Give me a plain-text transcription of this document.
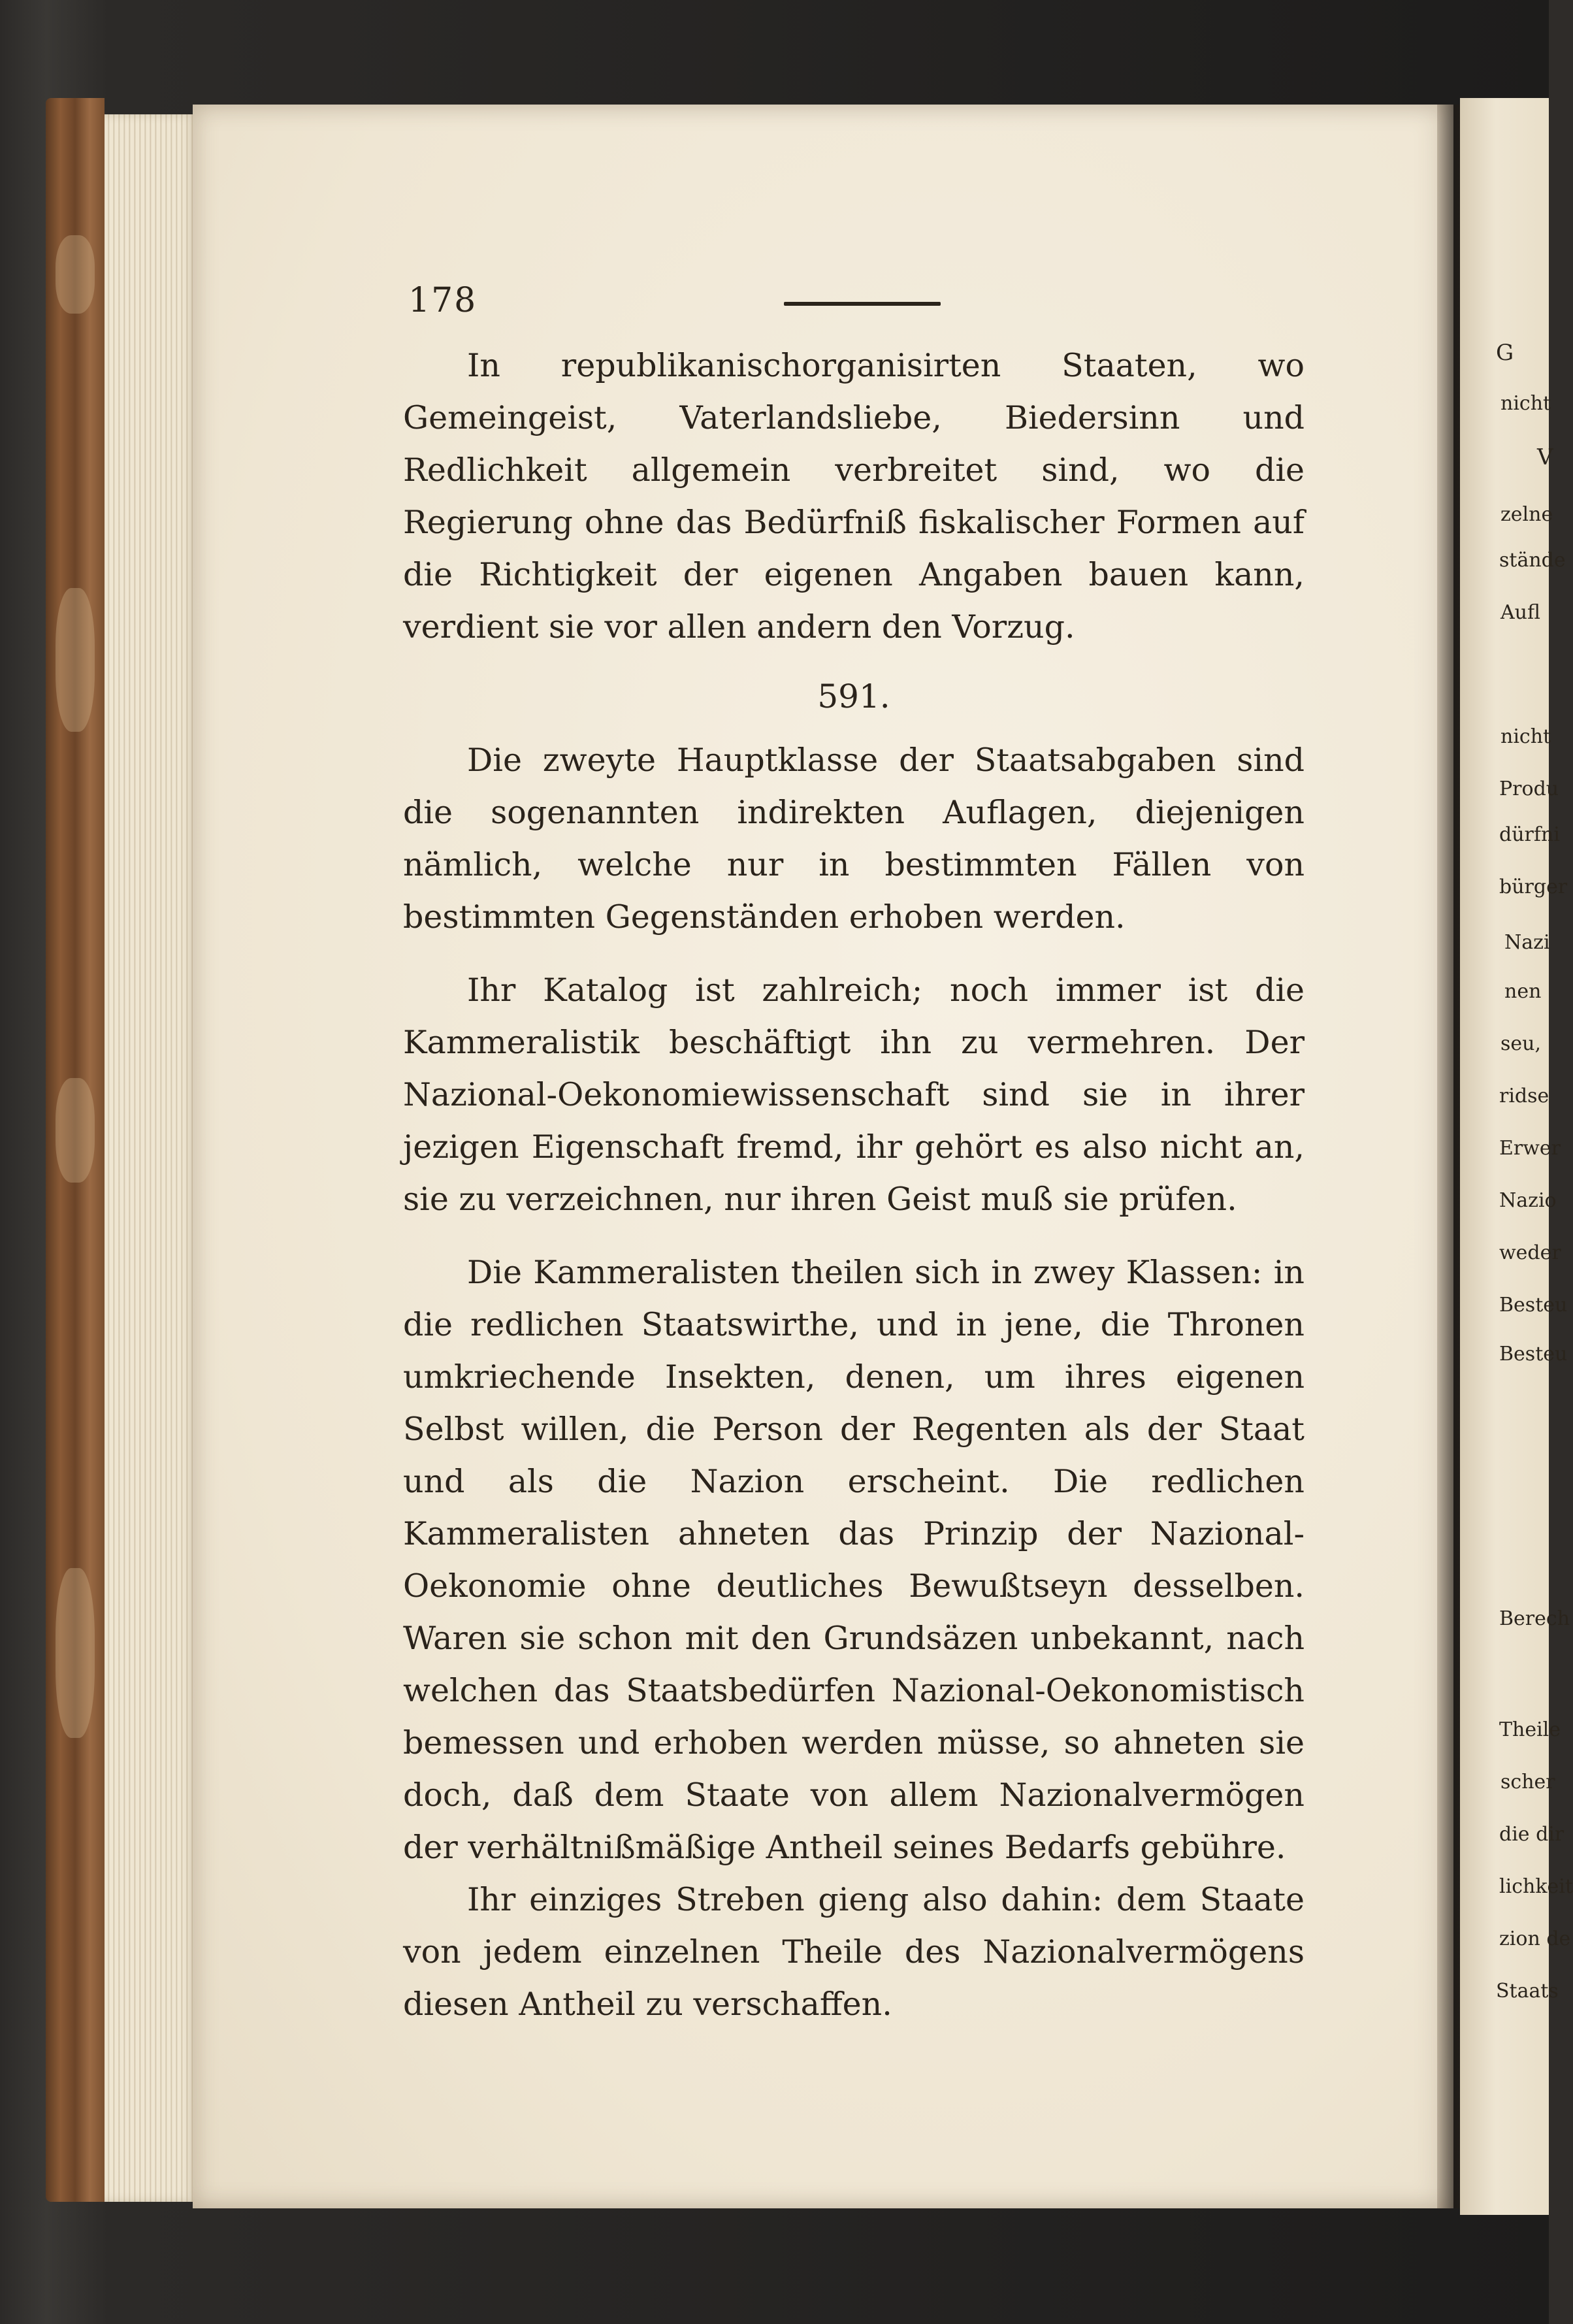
G
nicht
V
zelne
stände
Aufl
nicht
Produ
dürfni
bürger
Nazi
nen
seu,
ridse
Erwer
Nazio
weder
Besteu
Besteu
Berech
Theile
scher
die dir
lichkeit
zion de
Staats
178

In republikanischorganisirten Staaten, wo Gemeingeist, Vaterlandsliebe, Biedersinn und Redlichkeit allgemein verbreitet sind, wo die Regierung ohne das Bedürfniß fiskalischer Formen auf die Richtigkeit der eigenen Angaben bauen kann, verdient sie vor allen andern den Vorzug.

591.

Die zweyte Hauptklasse der Staatsabgaben sind die sogenannten indirekten Auflagen, diejenigen nämlich, welche nur in bestimmten Fällen von bestimmten Gegenständen erhoben werden.

Ihr Katalog ist zahlreich; noch immer ist die Kammeralistik beschäftigt ihn zu vermehren. Der Nazional-Oekonomiewissenschaft sind sie in ihrer jezigen Eigenschaft fremd, ihr gehört es also nicht an, sie zu verzeichnen, nur ihren Geist muß sie prüfen.

Die Kammeralisten theilen sich in zwey Klassen: in die redlichen Staatswirthe, und in jene, die Thronen umkriechende Insekten, denen, um ihres eigenen Selbst willen, die Person der Regenten als der Staat und als die Nazion erscheint. Die redlichen Kammeralisten ahneten das Prinzip der Nazional-Oekonomie ohne deutliches Bewußtseyn desselben. Waren sie schon mit den Grundsäzen unbekannt, nach welchen das Staatsbedürfen Nazional-Oekonomistisch bemessen und erhoben werden müsse, so ahneten sie doch, daß dem Staate von allem Nazionalvermögen der verhältnißmäßige Antheil seines Bedarfs gebühre.

Ihr einziges Streben gieng also dahin: dem Staate von jedem einzelnen Theile des Nazionalvermögens diesen Antheil zu verschaffen.
